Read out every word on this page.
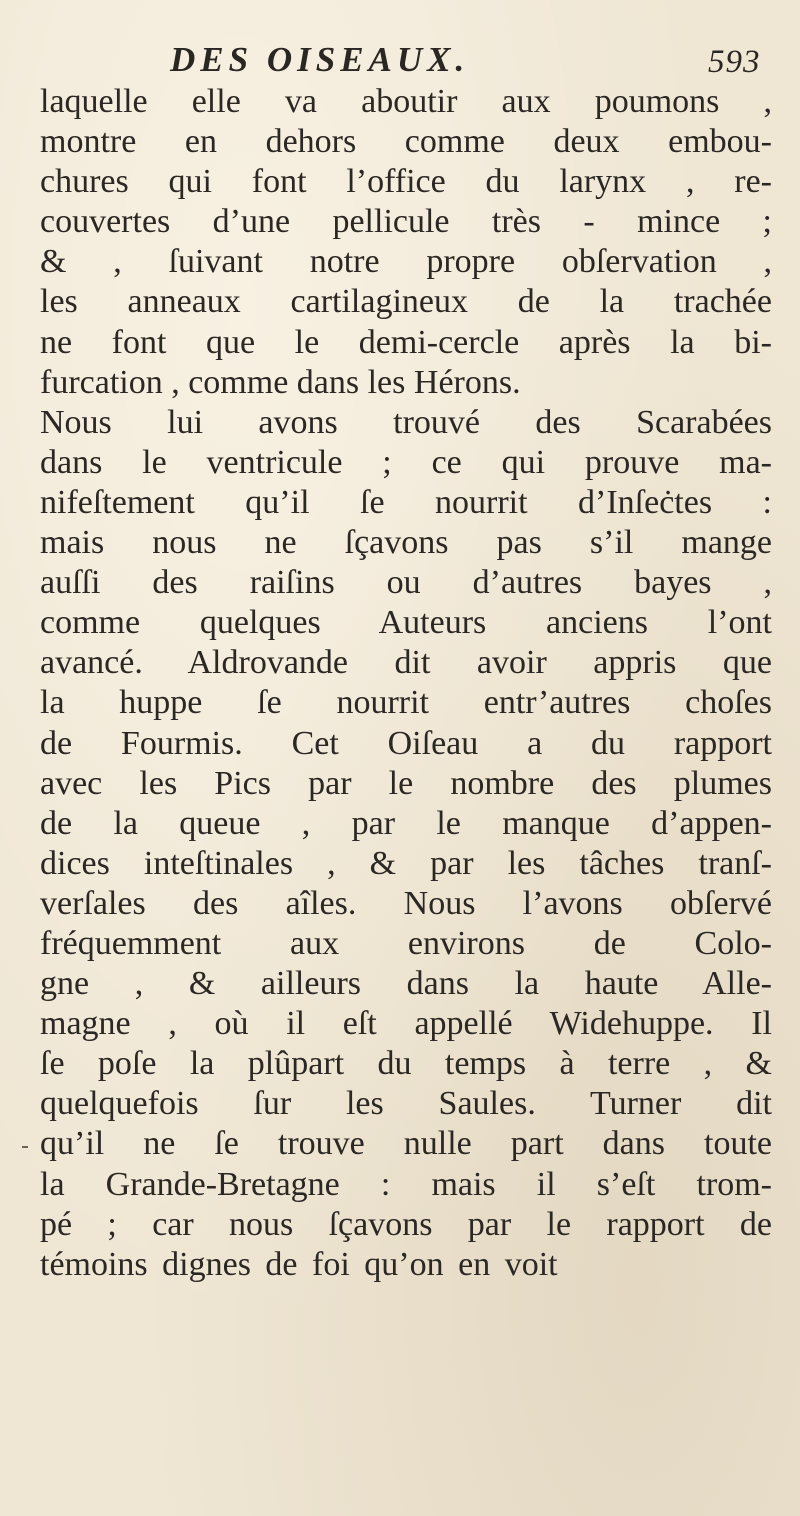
DES OISEAUX.	593
laquelle elle va aboutir aux poumons ,
montre en dehors comme deux embou-
chures qui font l’office du larynx , re-
couvertes d’une pellicule très - mince ;
& , ſuivant notre propre obſervation ,
les anneaux cartilagineux de la trachée
ne font que le demi-cercle après la bi-
furcation , comme dans les Hérons.
Nous lui avons trouvé des Scarabées
dans le ventricule ; ce qui prouve ma-
nifeſtement qu’il ſe nourrit d’Inſeċtes :
mais nous ne ſçavons pas s’il mange
auſſi des raiſins ou d’autres bayes ,
comme quelques Auteurs anciens l’ont
avancé. Aldrovande dit avoir appris que
la huppe ſe nourrit entr’autres choſes
de Fourmis. Cet Oiſeau a du rapport
avec les Pics par le nombre des plumes
de la queue , par le manque d’appen-
dices inteſtinales , & par les tâches tranſ-
verſales des aîles. Nous l’avons obſervé
fréquemment aux environs de Colo-
gne , & ailleurs dans la haute Alle-
magne , où il eſt appellé Widehuppe. Il
ſe poſe la plûpart du temps à terre , &
quelquefois ſur les Saules. Turner dit
qu’il ne ſe trouve nulle part dans toute
la Grande-Bretagne : mais il s’eſt trom-
pé ; car nous ſçavons par le rapport de
témoins dignes de foi qu’on en voit
